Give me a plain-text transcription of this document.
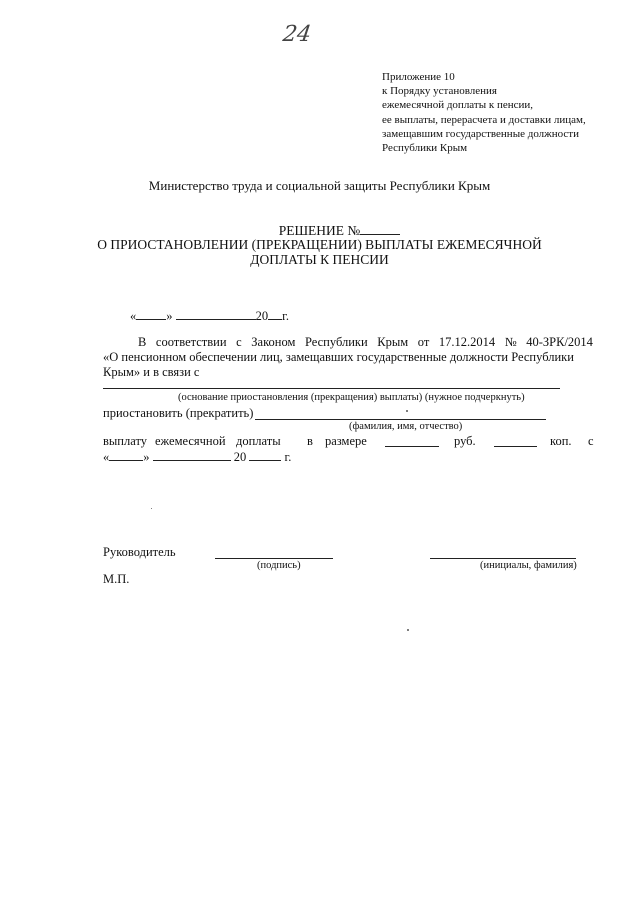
24
Приложение 10
к Порядку установления
ежемесячной доплаты к пенсии,
ее выплаты, перерасчета и доставки лицам,
замещавшим государственные должности
Республики Крым
Министерство труда и социальной защиты Республики Крым
РЕШЕНИЕ №
О ПРИОСТАНОВЛЕНИИ (ПРЕКРАЩЕНИИ) ВЫПЛАТЫ ЕЖЕМЕСЯЧНОЙ
ДОПЛАТЫ К ПЕНСИИ
« »	20 г.
В соответствии с Законом Республики Крым от 17.12.2014 № 40-ЗРК/2014
«О пенсионном обеспечении лиц, замещавших государственные должности Республики
Крым» и в связи с
(основание приостановления (прекращения) выплаты) (нужное подчеркнуть)
приостановить (прекратить)
(фамилия, имя, отчество)
выплату ежемесячной доплаты в размере	руб.	коп. с
«	»	20	г.
Руководитель
(подпись)	(инициалы, фамилия)
М.П.
